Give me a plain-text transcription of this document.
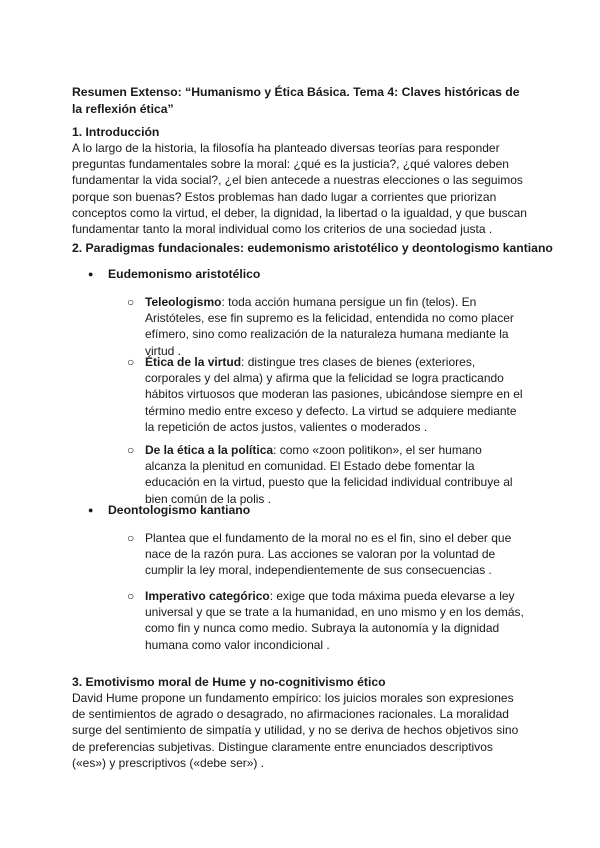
Resumen Extenso: “Humanismo y Ética Básica. Tema 4: Claves históricas de la reflexión ética”
1. Introducción
A lo largo de la historia, la filosofía ha planteado diversas teorías para responder preguntas fundamentales sobre la moral: ¿qué es la justicia?, ¿qué valores deben fundamentar la vida social?, ¿el bien antecede a nuestras elecciones o las seguimos porque son buenas? Estos problemas han dado lugar a corrientes que priorizan conceptos como la virtud, el deber, la dignidad, la libertad o la igualdad, y que buscan fundamentar tanto la moral individual como los criterios de una sociedad justa .
2. Paradigmas fundacionales: eudemonismo aristotélico y deontologismo kantiano
● Eudemonismo aristotélico
○ Teleologismo: toda acción humana persigue un fin (telos). En Aristóteles, ese fin supremo es la felicidad, entendida no como placer efímero, sino como realización de la naturaleza humana mediante la virtud .
○ Ética de la virtud: distingue tres clases de bienes (exteriores, corporales y del alma) y afirma que la felicidad se logra practicando hábitos virtuosos que moderan las pasiones, ubicándose siempre en el término medio entre exceso y defecto. La virtud se adquiere mediante la repetición de actos justos, valientes o moderados .
○ De la ética a la política: como «zoon politikon», el ser humano alcanza la plenitud en comunidad. El Estado debe fomentar la educación en la virtud, puesto que la felicidad individual contribuye al bien común de la polis .
● Deontologismo kantiano
○ Plantea que el fundamento de la moral no es el fin, sino el deber que nace de la razón pura. Las acciones se valoran por la voluntad de cumplir la ley moral, independientemente de sus consecuencias .
○ Imperativo categórico: exige que toda máxima pueda elevarse a ley universal y que se trate a la humanidad, en uno mismo y en los demás, como fin y nunca como medio. Subraya la autonomía y la dignidad humana como valor incondicional .
3. Emotivismo moral de Hume y no-cognitivismo ético
David Hume propone un fundamento empírico: los juicios morales son expresiones de sentimientos de agrado o desagrado, no afirmaciones racionales. La moralidad surge del sentimiento de simpatía y utilidad, y no se deriva de hechos objetivos sino de preferencias subjetivas. Distingue claramente entre enunciados descriptivos («es») y prescriptivos («debe ser») .
